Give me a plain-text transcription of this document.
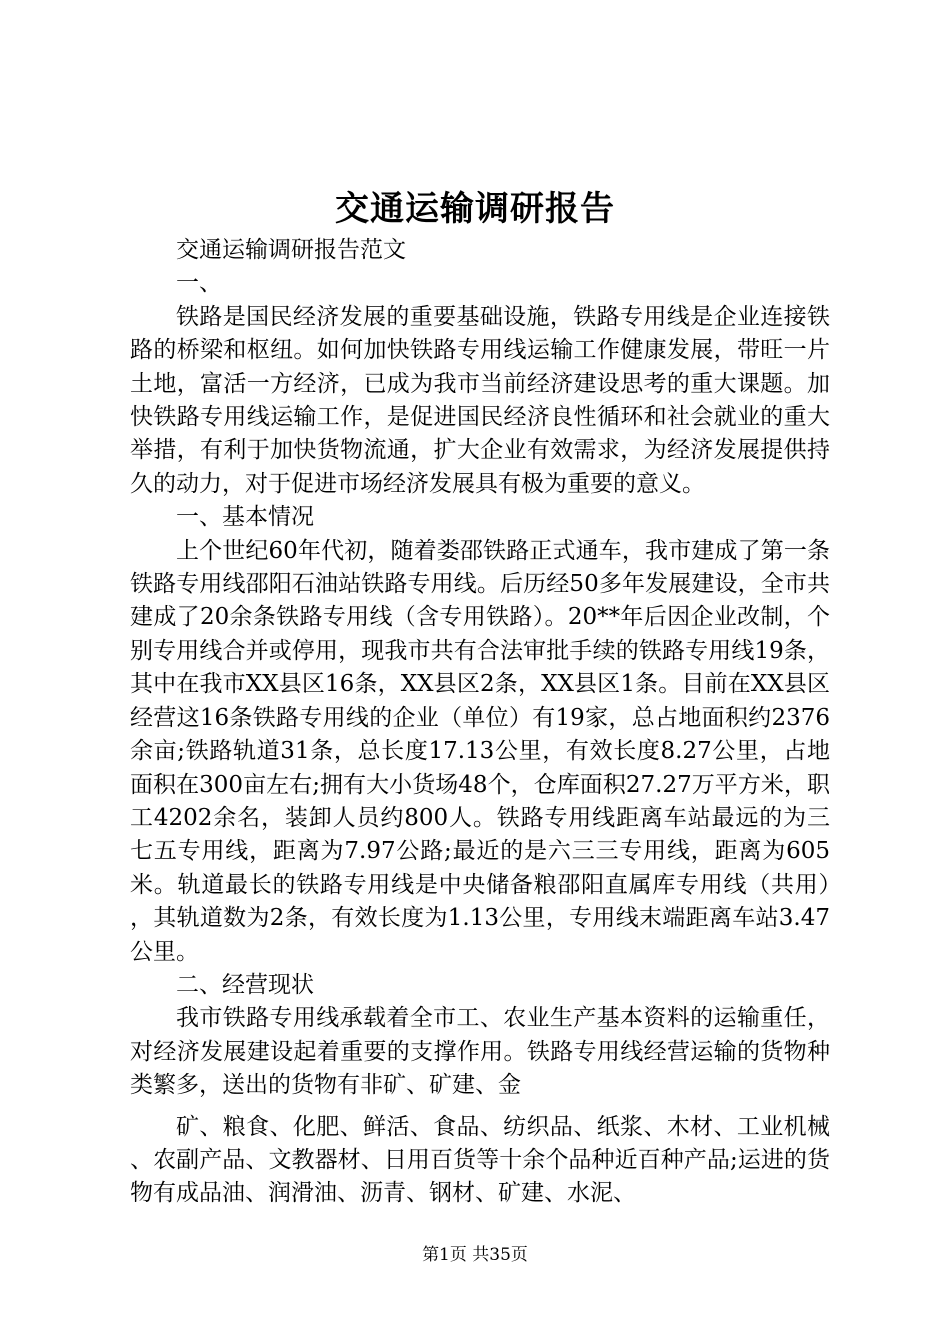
交通运输调研报告

交通运输调研报告范文

一、

铁路是国民经济发展的重要基础设施，铁路专用线是企业连接铁路的桥梁和枢纽。如何加快铁路专用线运输工作健康发展，带旺一片土地，富活一方经济，已成为我市当前经济建设思考的重大课题。加快铁路专用线运输工作，是促进国民经济良性循环和社会就业的重大举措，有利于加快货物流通，扩大企业有效需求，为经济发展提供持久的动力，对于促进市场经济发展具有极为重要的意义。

一、基本情况

上个世纪60年代初，随着娄邵铁路正式通车，我市建成了第一条铁路专用线邵阳石油站铁路专用线。后历经50多年发展建设，全市共建成了20余条铁路专用线（含专用铁路）。20**年后因企业改制，个别专用线合并或停用，现我市共有合法审批手续的铁路专用线19条，其中在我市XX县区16条，XX县区2条，XX县区1条。目前在XX县区经营这16条铁路专用线的企业（单位）有19家，总占地面积约2376余亩;铁路轨道31条，总长度17.13公里，有效长度8.27公里，占地面积在300亩左右;拥有大小货场48个，仓库面积27.27万平方米，职工4202余名，装卸人员约800人。铁路专用线距离车站最远的为三七五专用线，距离为7.97公路;最近的是六三三专用线，距离为605米。轨道最长的铁路专用线是中央储备粮邵阳直属库专用线（共用），其轨道数为2条，有效长度为1.13公里，专用线末端距离车站3.47公里。

二、经营现状

我市铁路专用线承载着全市工、农业生产基本资料的运输重任，对经济发展建设起着重要的支撑作用。铁路专用线经营运输的货物种类繁多，送出的货物有非矿、矿建、金

矿、粮食、化肥、鲜活、食品、纺织品、纸浆、木材、工业机械、农副产品、文教器材、日用百货等十余个品种近百种产品;运进的货物有成品油、润滑油、沥青、钢材、矿建、水泥、

第1页 共35页
